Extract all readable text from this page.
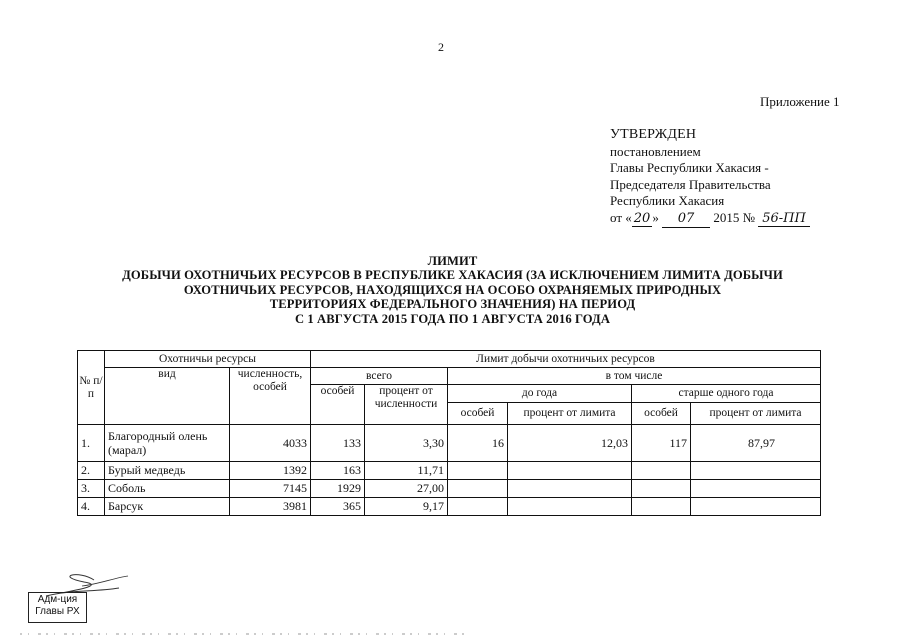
2
Приложение 1
УТВЕРЖДЕН
постановлением
Главы Республики Хакасия -
Председателя Правительства
Республики Хакасия
от « 20 » 07 2015 № 56-ПП
ЛИМИТ
ДОБЫЧИ ОХОТНИЧЬИХ РЕСУРСОВ В РЕСПУБЛИКЕ ХАКАСИЯ (ЗА ИСКЛЮЧЕНИЕМ ЛИМИТА ДОБЫЧИ
ОХОТНИЧЬИХ РЕСУРСОВ, НАХОДЯЩИХСЯ НА ОСОБО ОХРАНЯЕМЫХ ПРИРОДНЫХ
ТЕРРИТОРИЯХ ФЕДЕРАЛЬНОГО ЗНАЧЕНИЯ) НА ПЕРИОД
С 1 АВГУСТА 2015 ГОДА ПО 1 АВГУСТА 2016 ГОДА
№ п/п	Охотничьи ресурсы		Лимит добычи охотничьих ресурсов					
	вид	численность, особей	всего		в том числе			
			особей	процент от численности	до года		старше одного года	
					особей	процент от лимита	особей	процент от лимита
1.	Благородный олень (марал)	4033	133	3,30	16	12,03	117	87,97
2.	Бурый медведь	1392	163	11,71				
3.	Соболь	7145	1929	27,00				
4.	Барсук	3981	365	9,17				
Адм-ция
Главы РХ
